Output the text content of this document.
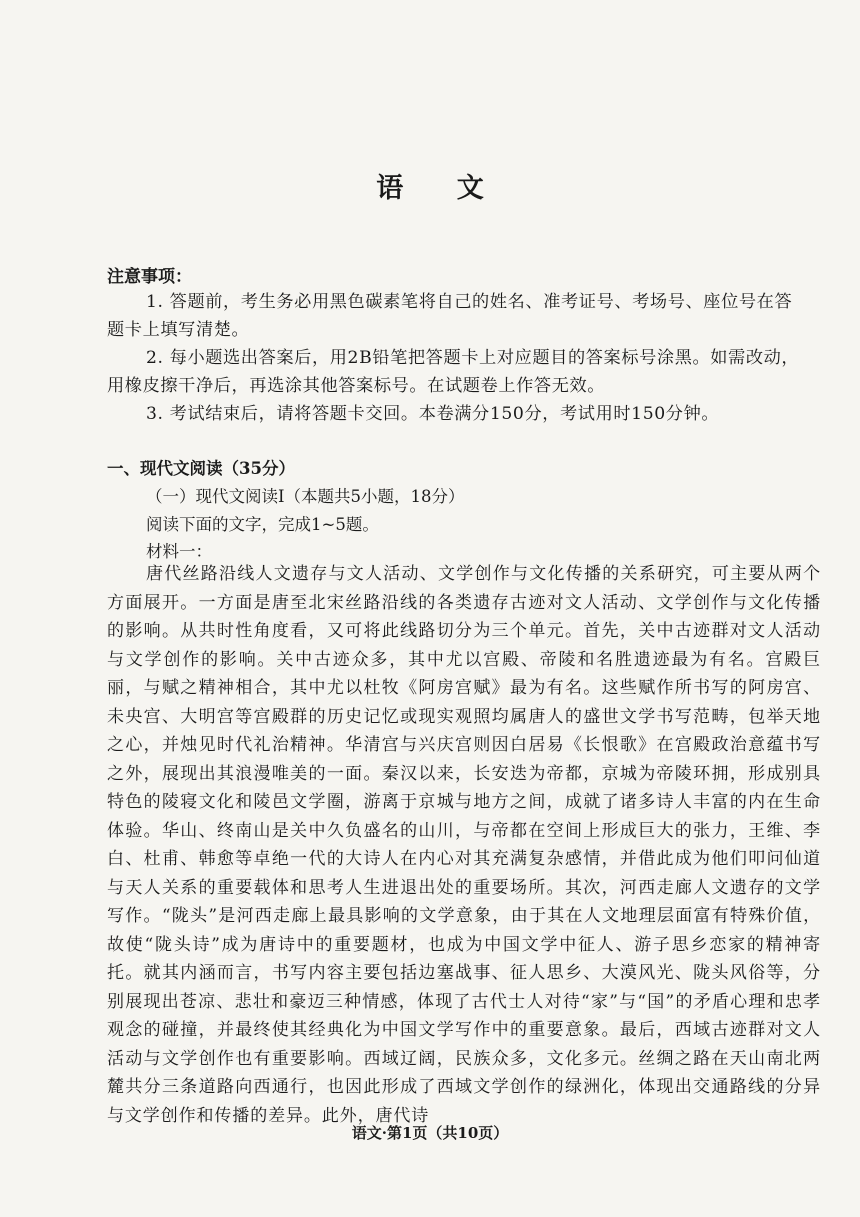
语 文
注意事项：
1. 答题前，考生务必用黑色碳素笔将自己的姓名、准考证号、考场号、座位号在答
题卡上填写清楚。
2. 每小题选出答案后，用2B铅笔把答题卡上对应题目的答案标号涂黑。如需改动，
用橡皮擦干净后，再选涂其他答案标号。在试题卷上作答无效。
3. 考试结束后，请将答题卡交回。本卷满分150分，考试用时150分钟。
一、现代文阅读（35分）
（一）现代文阅读Ⅰ（本题共5小题，18分）
阅读下面的文字，完成1~5题。
材料一：
唐代丝路沿线人文遗存与文人活动、文学创作与文化传播的关系研究，可主要从两个方面展开。一方面是唐至北宋丝路沿线的各类遗存古迹对文人活动、文学创作与文化传播的影响。从共时性角度看，又可将此线路切分为三个单元。首先，关中古迹群对文人活动与文学创作的影响。关中古迹众多，其中尤以宫殿、帝陵和名胜遗迹最为有名。宫殿巨丽，与赋之精神相合，其中尤以杜牧《阿房宫赋》最为有名。这些赋作所书写的阿房宫、未央宫、大明宫等宫殿群的历史记忆或现实观照均属唐人的盛世文学书写范畴，包举天地之心，并烛见时代礼治精神。华清宫与兴庆宫则因白居易《长恨歌》在宫殿政治意蕴书写之外，展现出其浪漫唯美的一面。秦汉以来，长安迭为帝都，京城为帝陵环拥，形成别具特色的陵寝文化和陵邑文学圈，游离于京城与地方之间，成就了诸多诗人丰富的内在生命体验。华山、终南山是关中久负盛名的山川，与帝都在空间上形成巨大的张力，王维、李白、杜甫、韩愈等卓绝一代的大诗人在内心对其充满复杂感情，并借此成为他们叩问仙道与天人关系的重要载体和思考人生进退出处的重要场所。其次，河西走廊人文遗存的文学写作。“陇头”是河西走廊上最具影响的文学意象，由于其在人文地理层面富有特殊价值，故使“陇头诗”成为唐诗中的重要题材，也成为中国文学中征人、游子思乡恋家的精神寄托。就其内涵而言，书写内容主要包括边塞战事、征人思乡、大漠风光、陇头风俗等，分别展现出苍凉、悲壮和豪迈三种情感，体现了古代士人对待“家”与“国”的矛盾心理和忠孝观念的碰撞，并最终使其经典化为中国文学写作中的重要意象。最后，西域古迹群对文人活动与文学创作也有重要影响。西域辽阔，民族众多，文化多元。丝绸之路在天山南北两麓共分三条道路向西通行，也因此形成了西域文学创作的绿洲化，体现出交通路线的分异与文学创作和传播的差异。此外，唐代诗
语文·第1页（共10页）
